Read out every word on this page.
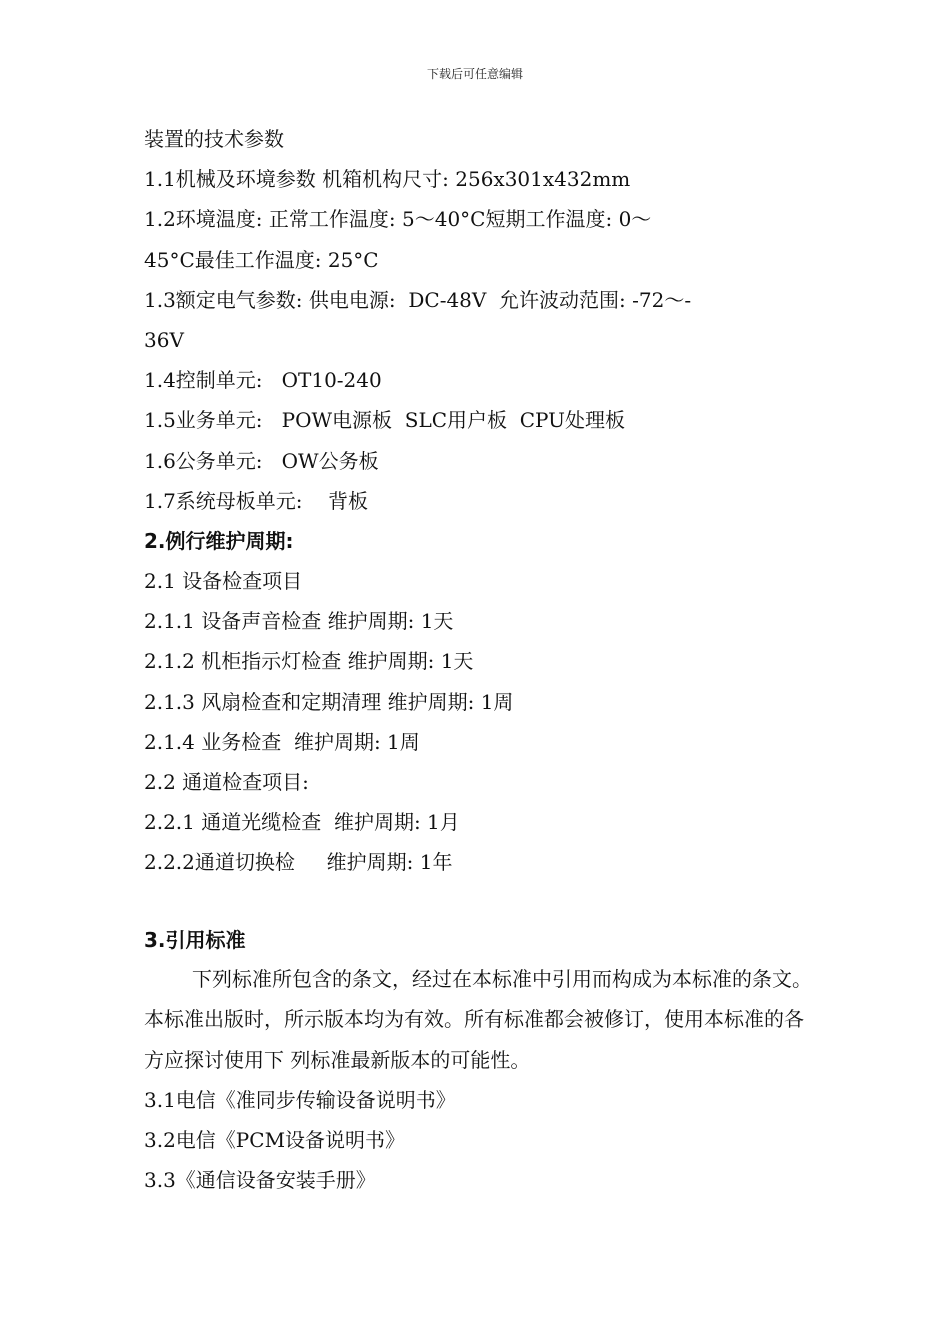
下载后可任意编辑
装置的技术参数
1.1机械及环境参数 机箱机构尺寸: 256x301x432mm
1.2环境温度: 正常工作温度: 5～40°C短期工作温度: 0～
45°C最佳工作温度: 25°C
1.3额定电气参数: 供电电源:  DC-48V  允许波动范围: -72～-
36V
1.4控制单元:   OT10-240
1.5业务单元:   POW电源板  SLC用户板  CPU处理板
1.6公务单元:   OW公务板
1.7系统母板单元:    背板
2.例行维护周期:
2.1 设备检查项目
2.1.1 设备声音检查 维护周期: 1天
2.1.2 机柜指示灯检查 维护周期: 1天
2.1.3 风扇检查和定期清理 维护周期: 1周
2.1.4 业务检查  维护周期: 1周
2.2 通道检查项目:
2.2.1 通道光缆检查  维护周期: 1月
2.2.2通道切换检     维护周期: 1年
3.引用标准

下列标准所包含的条文，经过在本标准中引用而构成为本标准的条文。本标准出版时，所示版本均为有效。所有标准都会被修订，使用本标准的各方应探讨使用下 列标准最新版本的可能性。

3.1电信《准同步传输设备说明书》
3.2电信《PCM设备说明书》
3.3《通信设备安装手册》
